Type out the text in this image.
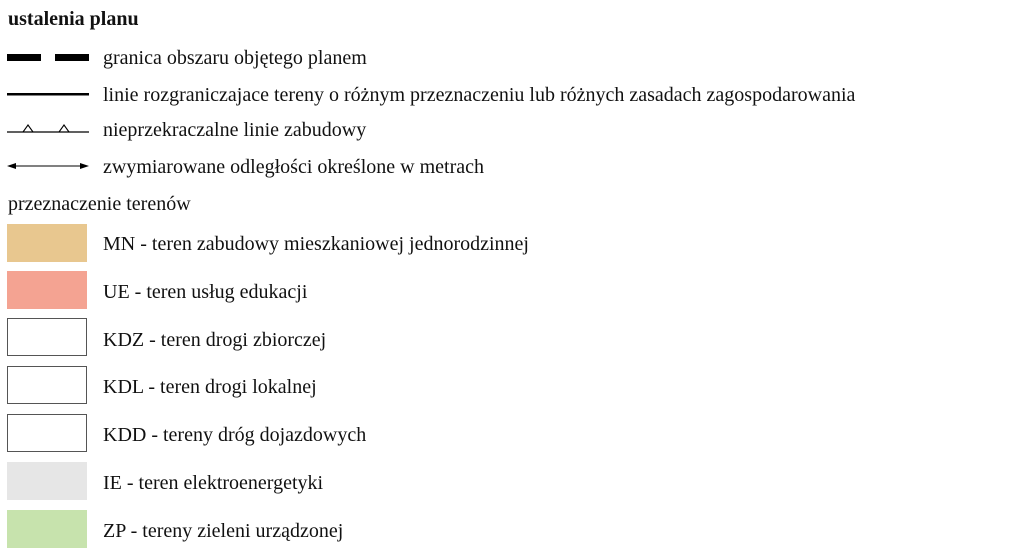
ustalenia planu
granica obszaru objętego planem
linie rozgraniczajace tereny o różnym przeznaczeniu lub różnych zasadach zagospodarowania
nieprzekraczalne linie zabudowy
zwymiarowane odległości określone w metrach
przeznaczenie terenów
MN - teren zabudowy mieszkaniowej jednorodzinnej
UE - teren usług edukacji
KDZ - teren drogi zbiorczej
KDL - teren drogi lokalnej
KDD - tereny dróg dojazdowych
IE - teren elektroenergetyki
ZP - tereny zieleni urządzonej
